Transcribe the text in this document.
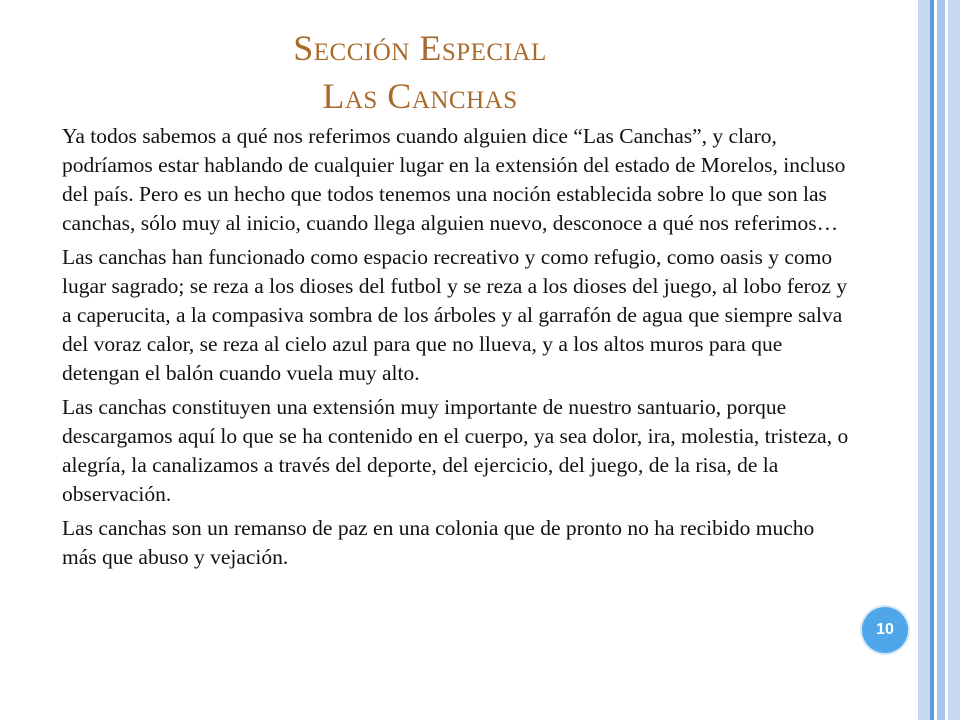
Sección Especial
Las Canchas

Ya todos sabemos a qué nos referimos cuando alguien dice “Las Canchas”, y claro, podríamos estar hablando de cualquier lugar en la extensión del estado de Morelos, incluso del país. Pero es un hecho que todos tenemos una noción establecida sobre lo que son las canchas, sólo muy al inicio, cuando llega alguien nuevo, desconoce a qué nos referimos…

Las canchas han funcionado como espacio recreativo y como refugio, como oasis y como lugar sagrado; se reza a los dioses del futbol y se reza a los dioses del juego, al lobo feroz y a caperucita, a la compasiva sombra de los árboles y al garrafón de agua que siempre salva del voraz calor, se reza al cielo azul para que no llueva, y a los altos muros para que detengan el balón cuando vuela muy alto.

Las canchas constituyen una extensión muy importante de nuestro santuario, porque descargamos aquí lo que se ha contenido en el cuerpo, ya sea dolor, ira, molestia, tristeza, o alegría, la canalizamos a través del deporte, del ejercicio, del juego, de la risa, de la observación.

Las canchas son un remanso de paz en una colonia que de pronto no ha recibido mucho más que abuso y vejación.

10
